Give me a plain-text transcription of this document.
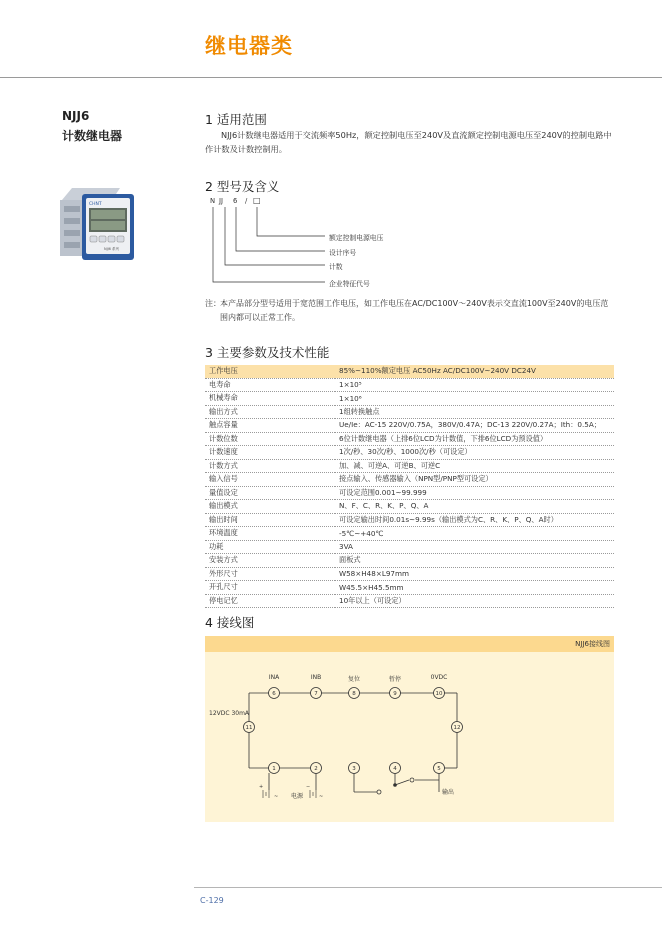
继电器类
NJJ6
计数继电器
CHNT
NJJ6 系列
1 适用范围
NJJ6计数继电器适用于交流频率50Hz，额定控制电压至240V及直流额定控制电源电压至240V的控制电路中作计数及计数控制用。
2 型号及含义
N JJ 6 / □
额定控制电源电压
设计序号
计数
企业特征代号
注： 本产品部分型号适用于宽范围工作电压，如工作电压在AC/DC100V～240V表示交直流100V至240V的电压范围内都可以正常工作。
3 主要参数及技术性能
工作电压	85%~110%额定电压 AC50Hz AC/DC100V~240V DC24V
电寿命	1×10⁵
机械寿命	1×10⁶
输出方式	1组转换触点
触点容量	Ue/Ie：AC-15 220V/0.75A，380V/0.47A；DC-13 220V/0.27A；Ith：0.5A；
计数位数	6位计数继电器（上排6位LCD为计数值，下排6位LCD为预设值）
计数速度	1次/秒、30次/秒、1000次/秒（可设定）
计数方式	加、减、可逆A、可逆B、可逆C
输入信号	接点输入、传感器输入（NPN型/PNP型可设定）
量值设定	可设定范围0.001~99.999
输出模式	N、F、C、R、K、P、Q、A
输出时间	可设定输出时间0.01s~9.99s（输出模式为C、R、K、P、Q、A时）
环境温度	-5℃~+40℃
功耗	3VA
安装方式	面板式
外形尺寸	W58×H48×L97mm
开孔尺寸	W45.5×H45.5mm
停电记忆	10年以上（可设定）
4 接线图
NJJ6接线图
6	7	8	9	10
11	12
1	2	3	4	5
INA	INB	复位	暂停	0VDC
12VDC 30mA
电源
输出
~	~
+	−
C-129
